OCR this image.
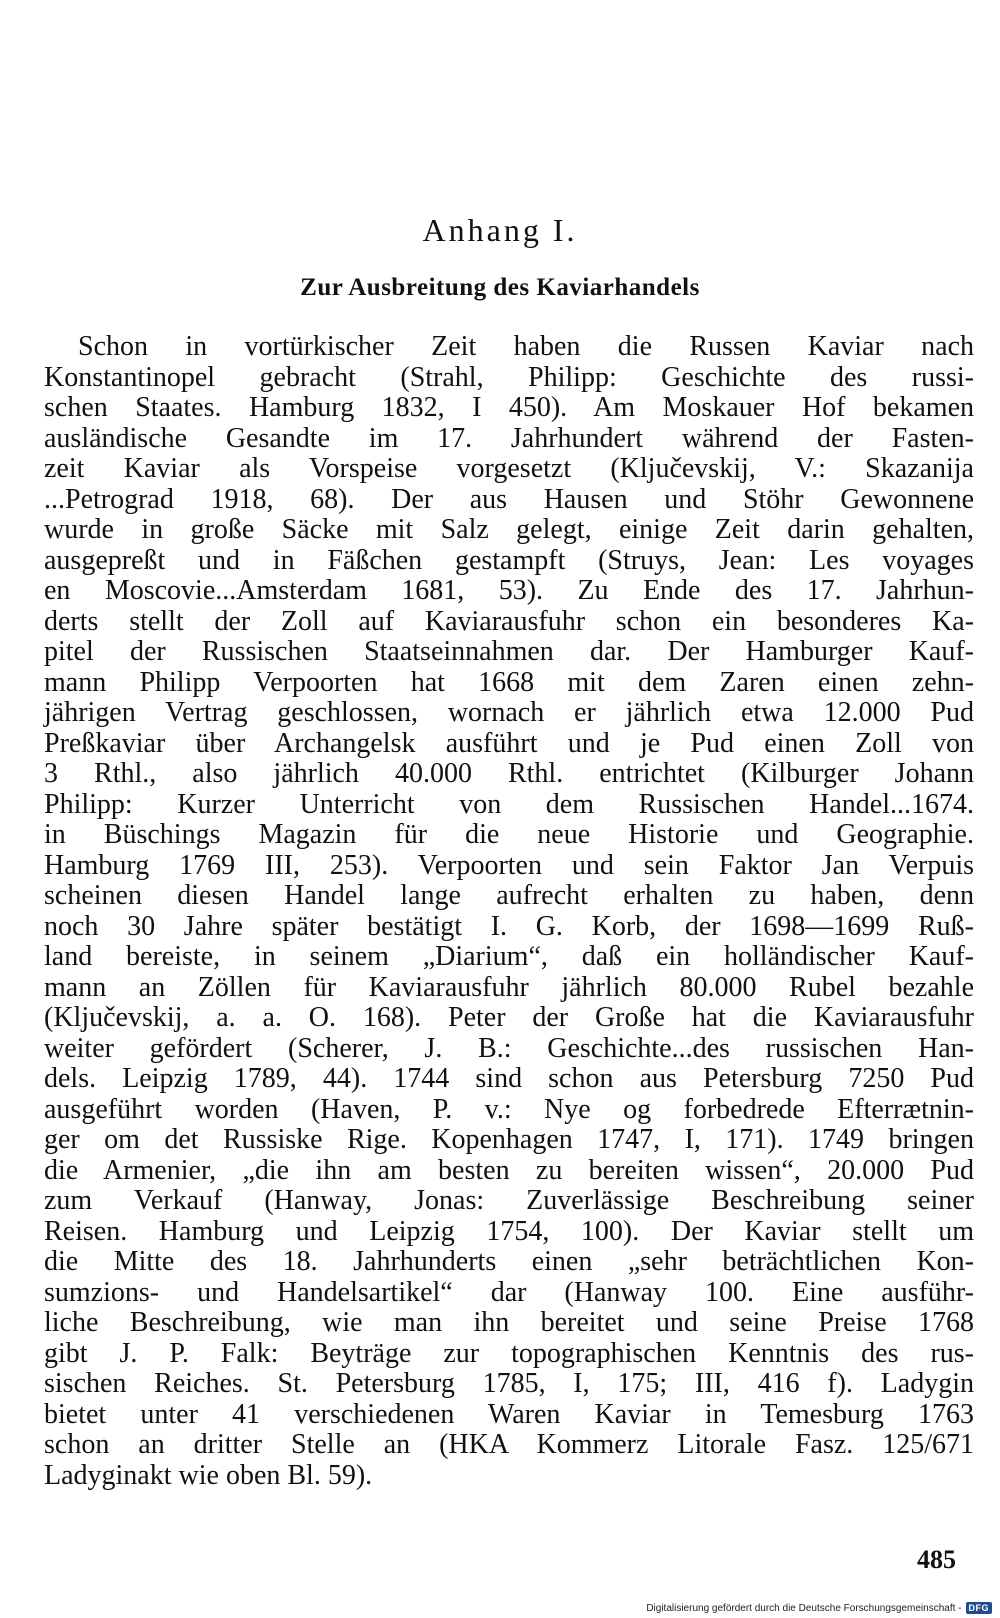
Anhang I.
Zur Ausbreitung des Kaviarhandels
Schon in vortürkischer Zeit haben die Russen Kaviar nach
Konstantinopel gebracht (Strahl, Philipp: Geschichte des russi-
schen Staates. Hamburg 1832, I 450). Am Moskauer Hof bekamen
ausländische Gesandte im 17. Jahrhundert während der Fasten-
zeit Kaviar als Vorspeise vorgesetzt (Ključevskij, V.: Skazanija
...Petrograd 1918, 68). Der aus Hausen und Stöhr Gewonnene
wurde in große Säcke mit Salz gelegt, einige Zeit darin gehalten,
ausgepreßt und in Fäßchen gestampft (Struys, Jean: Les voyages
en Moscovie...Amsterdam 1681, 53). Zu Ende des 17. Jahrhun-
derts stellt der Zoll auf Kaviarausfuhr schon ein besonderes Ka-
pitel der Russischen Staatseinnahmen dar. Der Hamburger Kauf-
mann Philipp Verpoorten hat 1668 mit dem Zaren einen zehn-
jährigen Vertrag geschlossen, wornach er jährlich etwa 12.000 Pud
Preßkaviar über Archangelsk ausführt und je Pud einen Zoll von
3 Rthl., also jährlich 40.000 Rthl. entrichtet (Kilburger Johann
Philipp: Kurzer Unterricht von dem Russischen Handel...1674.
in Büschings Magazin für die neue Historie und Geographie.
Hamburg 1769 III, 253). Verpoorten und sein Faktor Jan Verpuis
scheinen diesen Handel lange aufrecht erhalten zu haben, denn
noch 30 Jahre später bestätigt I. G. Korb, der 1698—1699 Ruß-
land bereiste, in seinem „Diarium“, daß ein holländischer Kauf-
mann an Zöllen für Kaviarausfuhr jährlich 80.000 Rubel bezahle
(Ključevskij, a. a. O. 168). Peter der Große hat die Kaviarausfuhr
weiter gefördert (Scherer, J. B.: Geschichte...des russischen Han-
dels. Leipzig 1789, 44). 1744 sind schon aus Petersburg 7250 Pud
ausgeführt worden (Haven, P. v.: Nye og forbedrede Efterrætnin-
ger om det Russiske Rige. Kopenhagen 1747, I, 171). 1749 bringen
die Armenier, „die ihn am besten zu bereiten wissen“, 20.000 Pud
zum Verkauf (Hanway, Jonas: Zuverlässige Beschreibung seiner
Reisen. Hamburg und Leipzig 1754, 100). Der Kaviar stellt um
die Mitte des 18. Jahrhunderts einen „sehr beträchtlichen Kon-
sumzions- und Handelsartikel“ dar (Hanway 100. Eine ausführ-
liche Beschreibung, wie man ihn bereitet und seine Preise 1768
gibt J. P. Falk: Beyträge zur topographischen Kenntnis des rus-
sischen Reiches. St. Petersburg 1785, I, 175; III, 416 f). Ladygin
bietet unter 41 verschiedenen Waren Kaviar in Temesburg 1763
schon an dritter Stelle an (HKA Kommerz Litorale Fasz. 125/671
Ladyginakt wie oben Bl. 59).
485
Digitalisierung gefördert durch die Deutsche Forschungsgemeinschaft - DFG
